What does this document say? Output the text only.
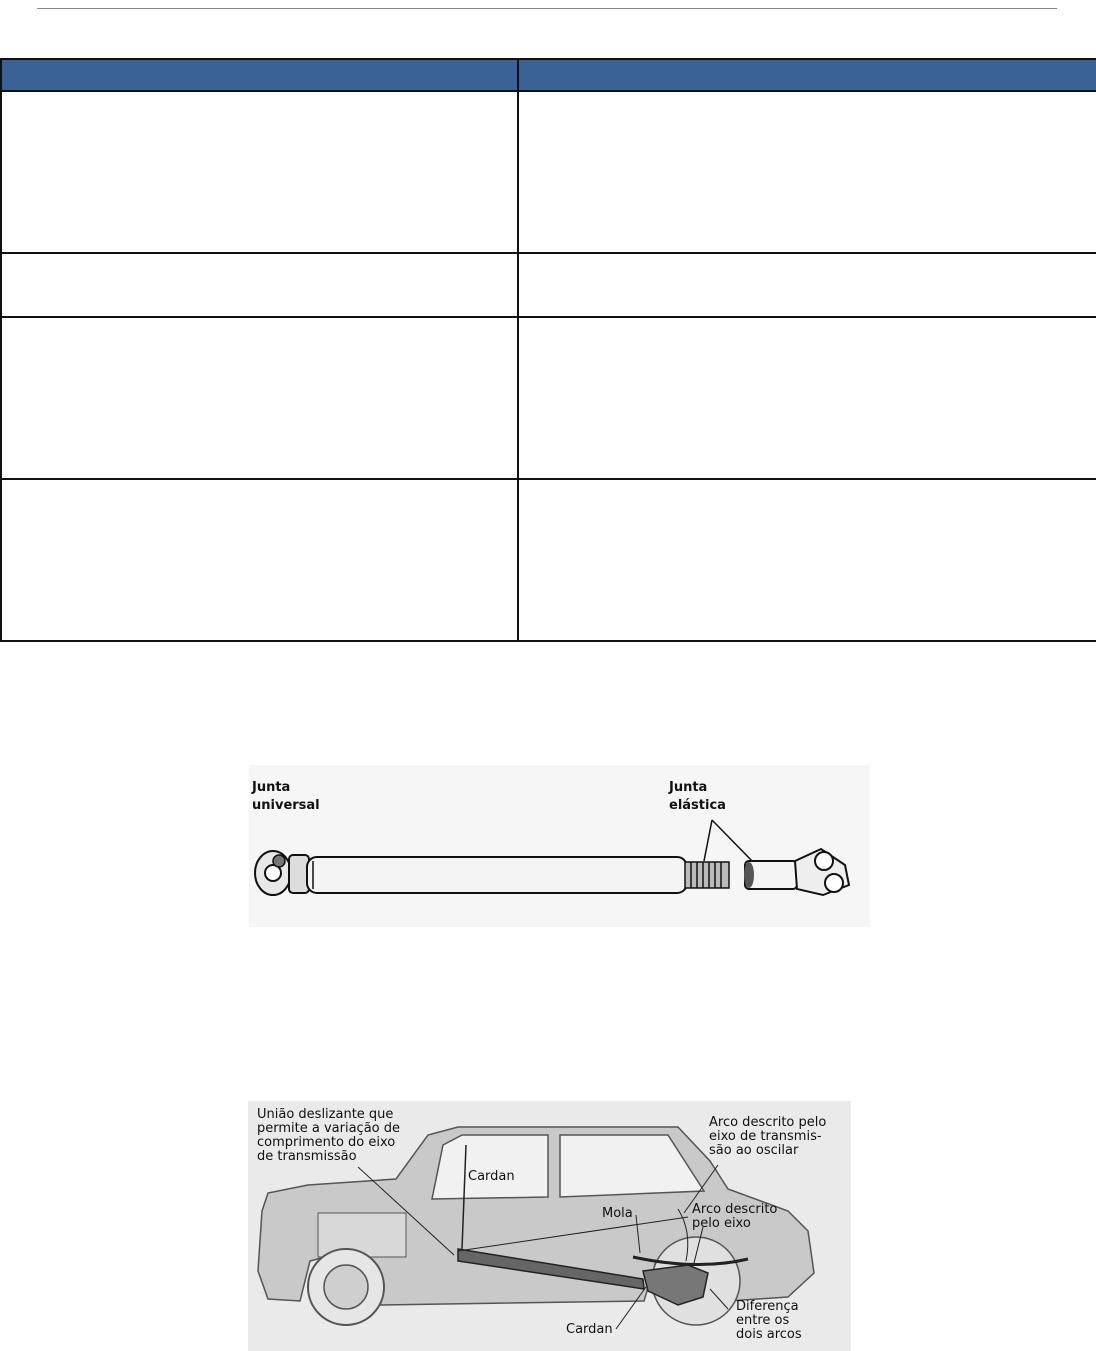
Junta
universal
Junta
elástica
União deslizante que
permite a variação de
comprimento do eixo
de transmissão
Cardan
Arco descrito pelo
eixo de transmis-
são ao oscilar
Mola	Arco descrito
pelo eixo
Diferença
entre os
dois arcos
Cardan
